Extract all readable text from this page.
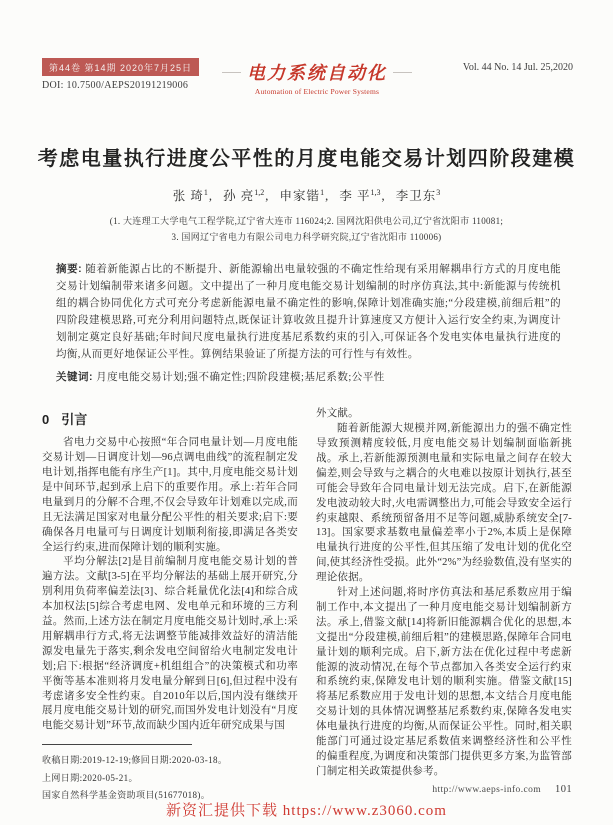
第44卷 第14期 2020年7月25日
DOI: 10.7500/AEPS20191219006
电力系统自动化
Automation of Electric Power Systems
Vol. 44 No. 14 Jul. 25,2020
考虑电量执行进度公平性的月度电能交易计划四阶段建模
张 琦$^1$, 孙 亮$^{1,2}$, 申家锴$^1$, 李 平$^{1,3}$, 李卫东$^3$
(1. 大连理工大学电气工程学院,辽宁省大连市 116024;2. 国网沈阳供电公司,辽宁省沈阳市 110081;
3. 国网辽宁省电力有限公司电力科学研究院,辽宁省沈阳市 110006)

摘要: 随着新能源占比的不断提升、新能源输出电量较强的不确定性给现有采用解耦串行方式的月度电能交易计划编制带来诸多问题。文中提出了一种月度电能交易计划编制的时序仿真法,其中:新能源与传统机组的耦合协同优化方式可充分考虑新能源电量不确定性的影响,保障计划准确实施;“分段建模,前细后粗”的四阶段建模思路,可充分利用问题特点,既保证计算收敛且提升计算速度又方便计入运行安全约束,为调度计划制定奠定良好基础;年时间尺度电量执行进度基尼系数约束的引入,可保证各个发电实体电量执行进度的均衡,从而更好地保证公平性。算例结果验证了所提方法的可行性与有效性。

关键词: 月度电能交易计划;强不确定性;四阶段建模;基尼系数;公平性

0 引言

省电力交易中心按照“年合同电量计划—月度电能交易计划—日调度计划—96点调电曲线”的流程制定发电计划,指挥电能有序生产[1]。其中,月度电能交易计划是中间环节,起到承上启下的重要作用。承上:若年合同电量到月的分解不合理,不仅会导致年计划难以完成,而且无法满足国家对电量分配公平性的相关要求;启下:要确保各月电量可与日调度计划顺利衔接,即满足各类安全运行约束,进而保障计划的顺利实施。

平均分解法[2]是目前编制月度电能交易计划的普遍方法。文献[3-5]在平均分解法的基础上展开研究,分别利用负荷率偏差法[3]、综合耗量优化法[4]和综合成本加权法[5]综合考虑电网、发电单元和环境的三方利益。然而,上述方法在制定月度电能交易计划时,承上:采用解耦串行方式,将无法调整节能减排效益好的清洁能源发电量先于落实,剩余发电空间留给火电制定发电计划;启下:根据“经济调度+机组组合”的决策模式和功率平衡等基本准则将月发电量分解到日[6],但过程中没有考虑诸多安全性约束。自2010年以后,国内没有继续开展月度电能交易计划的研究,而国外发电计划没有“月度电能交易计划”环节,故而缺少国内近年研究成果与国

收稿日期:2019-12-19;修回日期:2020-03-18。
上网日期:2020-05-21。
国家自然科学基金资助项目(51677018)。

外文献。

随着新能源大规模并网,新能源出力的强不确定性导致预测精度较低,月度电能交易计划编制面临新挑战。承上,若新能源预测电量和实际电量之间存在较大偏差,则会导致与之耦合的火电难以按原计划执行,甚至可能会导致年合同电量计划无法完成。启下,在新能源发电波动较大时,火电需调整出力,可能会导致安全运行约束越限、系统预留备用不足等问题,威胁系统安全[7-13]。国家要求基数电量偏差率小于2%,本质上是保障电量执行进度的公平性,但其压缩了发电计划的优化空间,使其经济性受损。此外“2%”为经验数值,没有坚实的理论依据。

针对上述问题,将时序仿真法和基尼系数应用于编制工作中,本文提出了一种月度电能交易计划编制新方法。承上,借鉴文献[14]将新旧能源耦合优化的思想,本文提出“分段建模,前细后粗”的建模思路,保障年合同电量计划的顺利完成。启下,新方法在优化过程中考虑新能源的波动情况,在每个节点都加入各类安全运行约束和系统约束,保障发电计划的顺利实施。借鉴文献[15]将基尼系数应用于发电计划的思想,本文结合月度电能交易计划的具体情况调整基尼系数约束,保障各发电实体电量执行进度的均衡,从而保证公平性。同时,相关职能部门可通过设定基尼系数值来调整经济性和公平性的偏重程度,为调度和决策部门提供更多方案,为监管部门制定相关政策提供参考。

http://www.aeps-info.com 101
新资汇提供下载 https://www.z3060.com
